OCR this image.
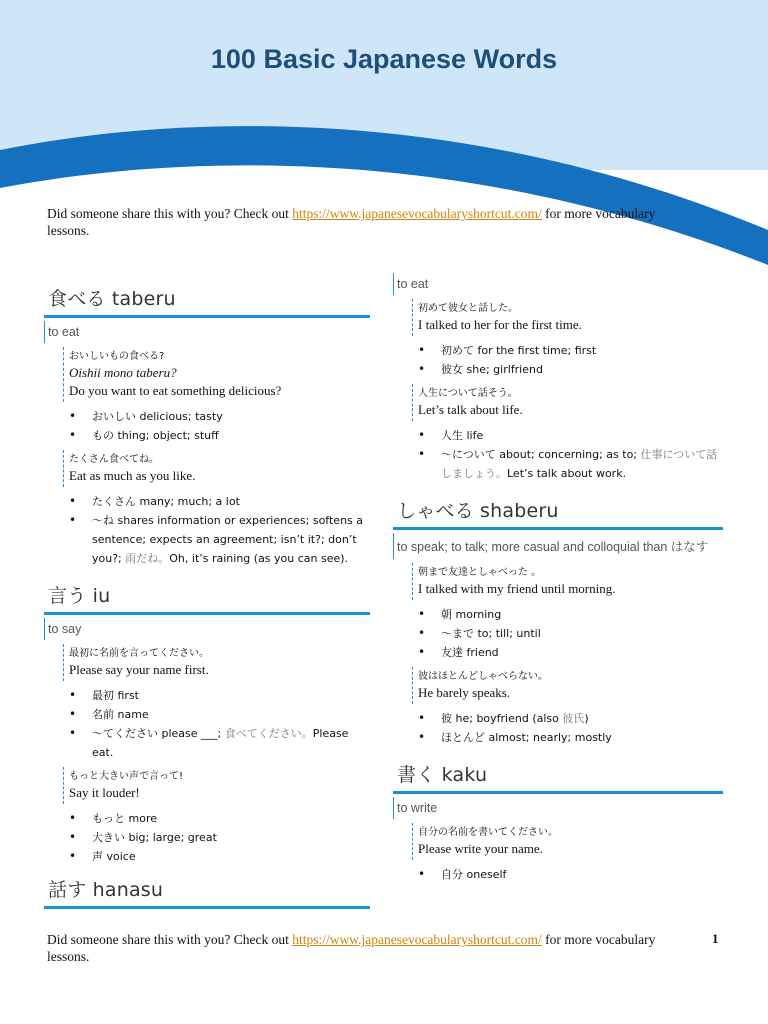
100 Basic Japanese Words
Did someone share this with you? Check out https://www.japanesevocabularyshortcut.com/ for more vocabulary lessons.
食べる taberu
to eat
おいしいもの食べる?
Oishii mono taberu?
Do you want to eat something delicious?
• おいしい delicious; tasty
• もの thing; object; stuff
たくさん食べてね。
Eat as much as you like.
• たくさん many; much; a lot
• 〜ね shares information or experiences; softens a sentence; expects an agreement; isn’t it?; don’t you?; 雨だね。Oh, it’s raining (as you can see).
言う iu
to say
最初に名前を言ってください。
Please say your name first.
• 最初 first
• 名前 name
• 〜てください please ___; 食べてください。Please eat.
もっと大きい声で言って!
Say it louder!
• もっと more
• 大きい big; large; great
• 声 voice
話す hanasu
to eat
初めて彼女と話した。
I talked to her for the first time.
• 初めて for the first time; first
• 彼女 she; girlfriend
人生について話そう。
Let’s talk about life.
• 人生 life
• 〜について about; concerning; as to; 仕事について話しましょう。Let’s talk about work.
しゃべる shaberu
to speak; to talk; more casual and colloquial than はなす
朝まで友達としゃべった 。
I talked with my friend until morning.
• 朝 morning
• 〜まで to; till; until
• 友達 friend
彼はほとんどしゃべらない。
He barely speaks.
• 彼 he; boyfriend (also 彼氏)
• ほとんど almost; nearly; mostly
書く kaku
to write
自分の名前を書いてください。
Please write your name.
• 自分 oneself
Did someone share this with you? Check out https://www.japanesevocabularyshortcut.com/ for more vocabulary lessons.
1
